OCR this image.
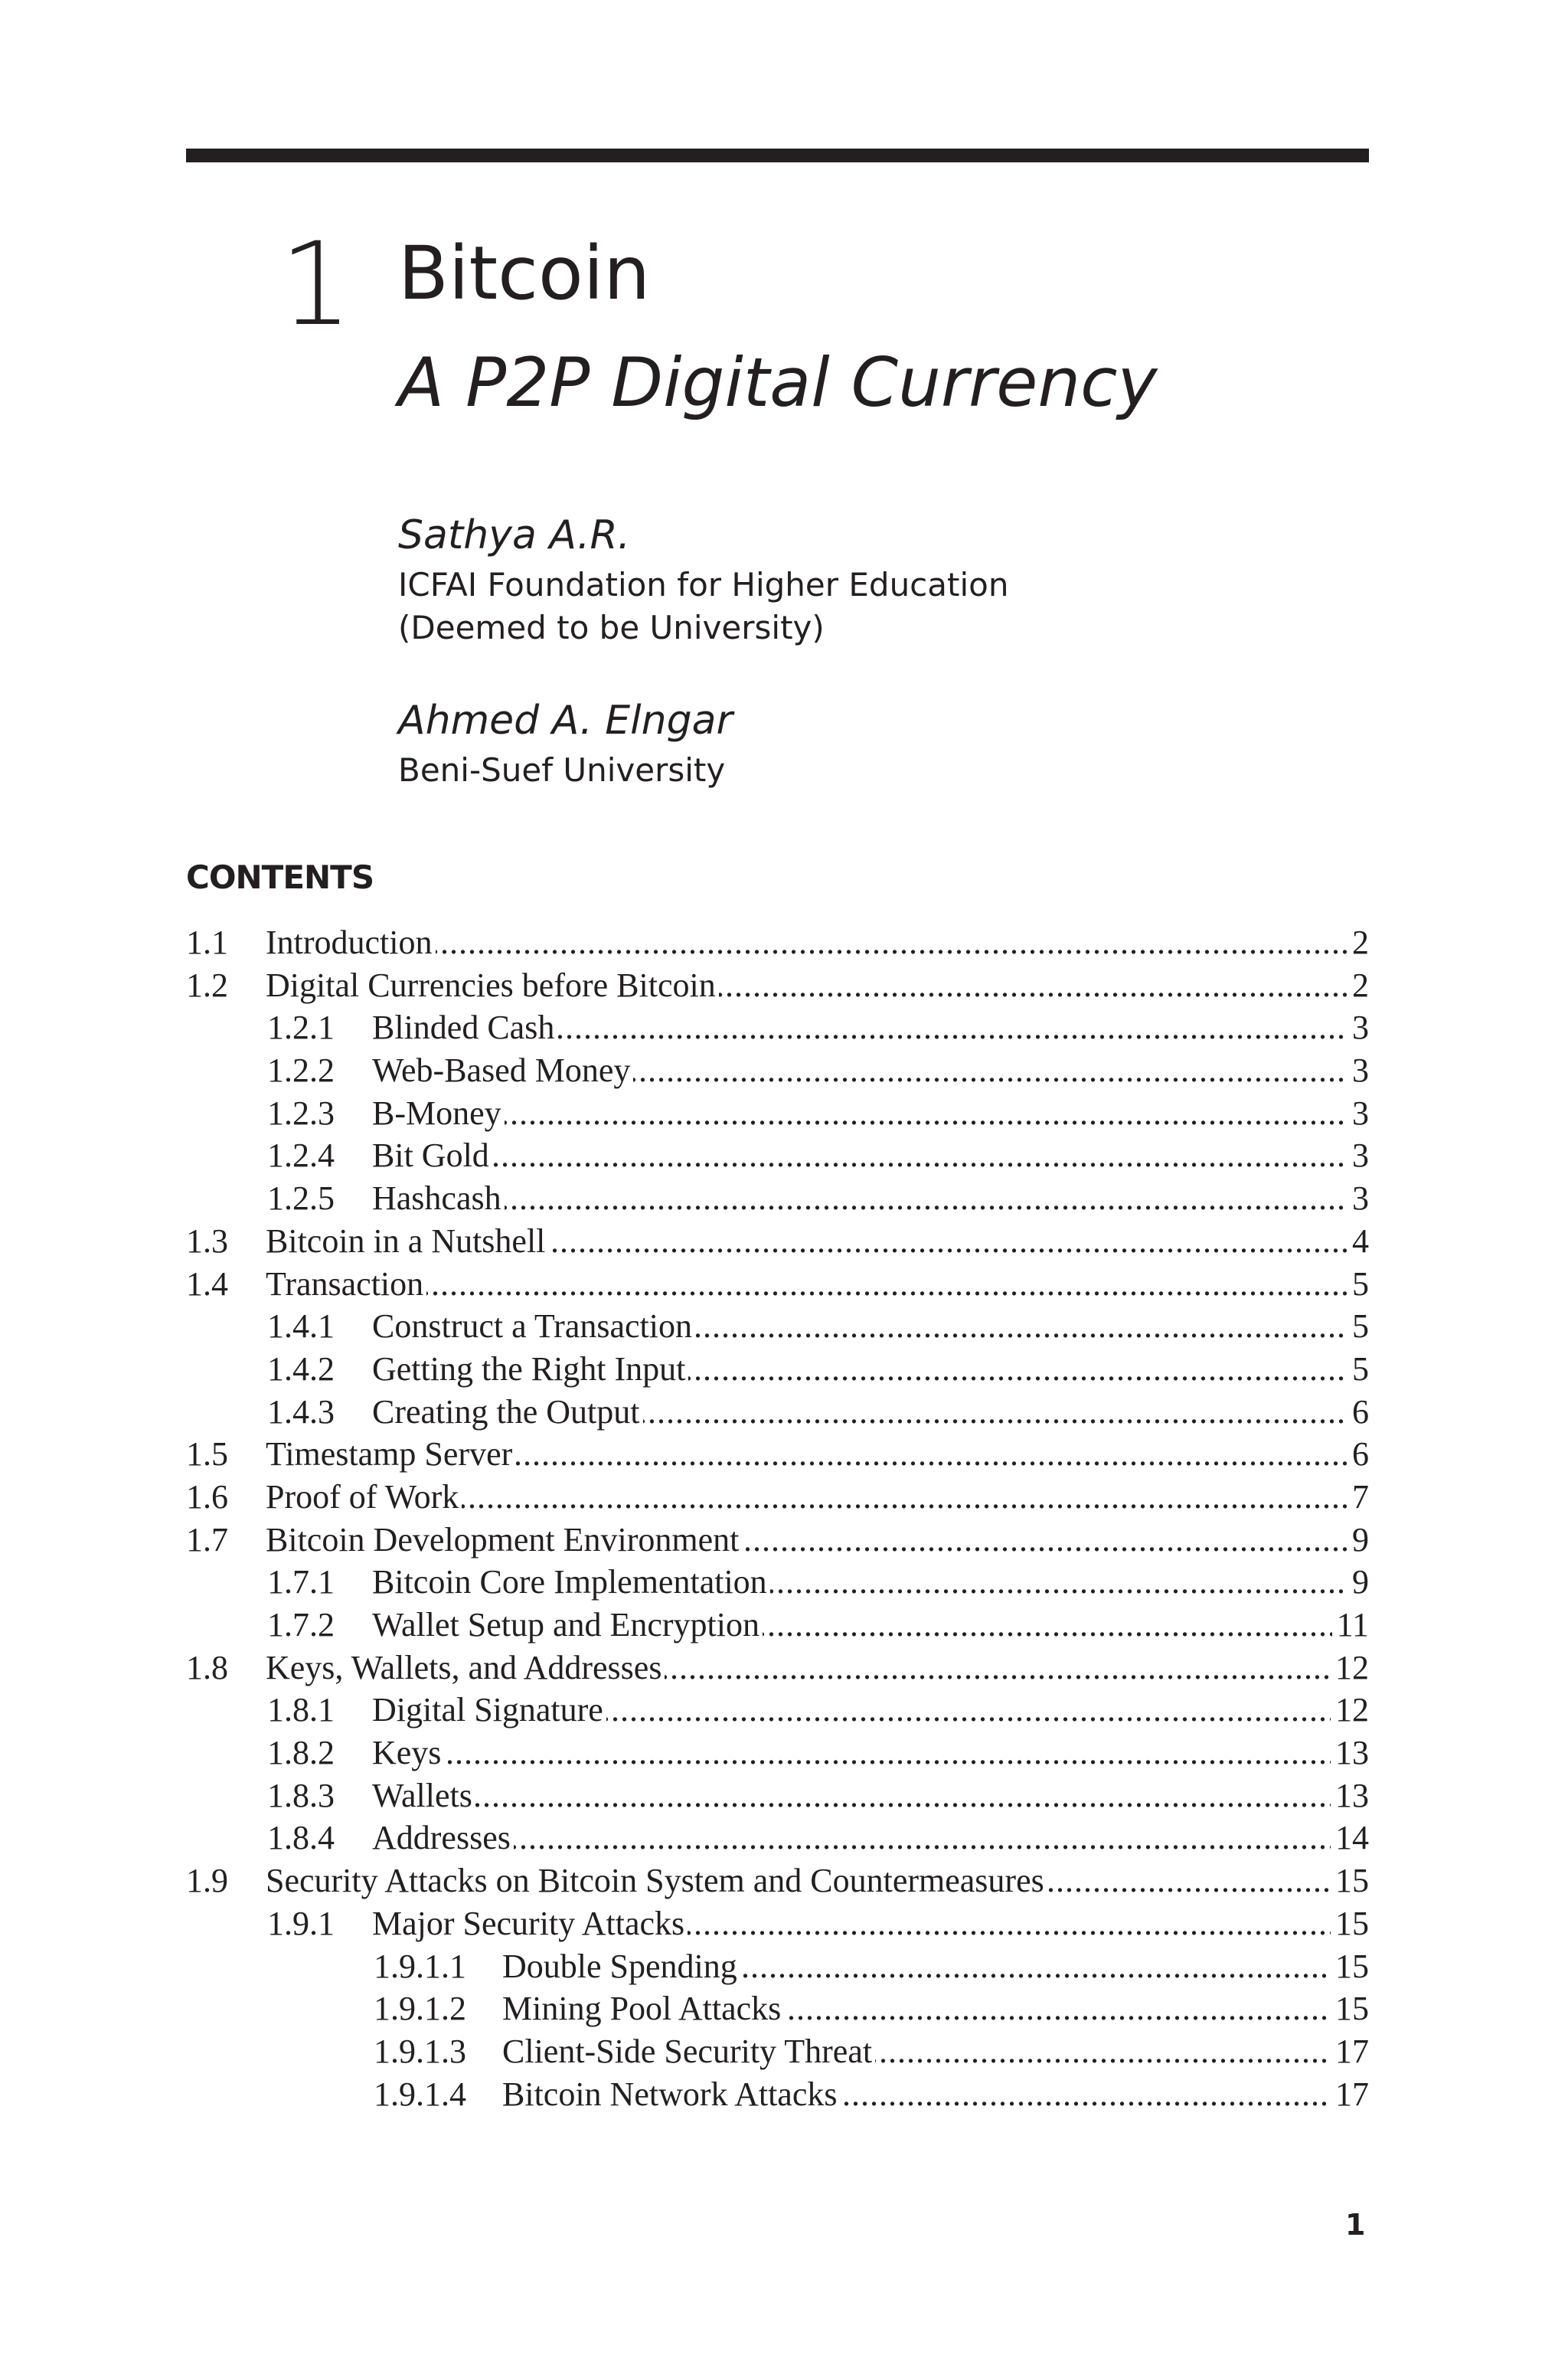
1 Bitcoin
A P2P Digital Currency
Sathya A.R.
ICFAI Foundation for Higher Education
(Deemed to be University)
Ahmed A. Elngar
Beni-Suef University
CONTENTS
1.1 . . . Introduction	2
1.2 . . . Digital Currencies before Bitcoin	2
1.2.1 . . . Blinded Cash	3
1.2.2 . . . Web-Based Money	3
1.2.3 . . . B-Money	3
1.2.4 . . . Bit Gold	3
1.2.5 . . . Hashcash	3
1.3 . . . Bitcoin in a Nutshell	4
1.4 . . . Transaction	5
1.4.1 . . . Construct a Transaction	5
1.4.2 . . . Getting the Right Input	5
1.4.3 . . . Creating the Output	6
1.5 . . . Timestamp Server	6
1.6 . . . Proof of Work	7
1.7 . . . Bitcoin Development Environment	9
1.7.1 . . . Bitcoin Core Implementation	9
1.7.2 . . . Wallet Setup and Encryption	11
1.8 . . . Keys, Wallets, and Addresses	12
1.8.1 . . . Digital Signature	12
1.8.2 . . . Keys	13
1.8.3 . . . Wallets	13
1.8.4 . . . Addresses	14
1.9 . . . Security Attacks on Bitcoin System and Countermeasures	15
1.9.1 . . . Major Security Attacks	15
1.9.1.1 . . . Double Spending	15
1.9.1.2 . . . Mining Pool Attacks	15
1.9.1.3 . . . Client-Side Security Threat	17
1.9.1.4 . . . Bitcoin Network Attacks	17
1
